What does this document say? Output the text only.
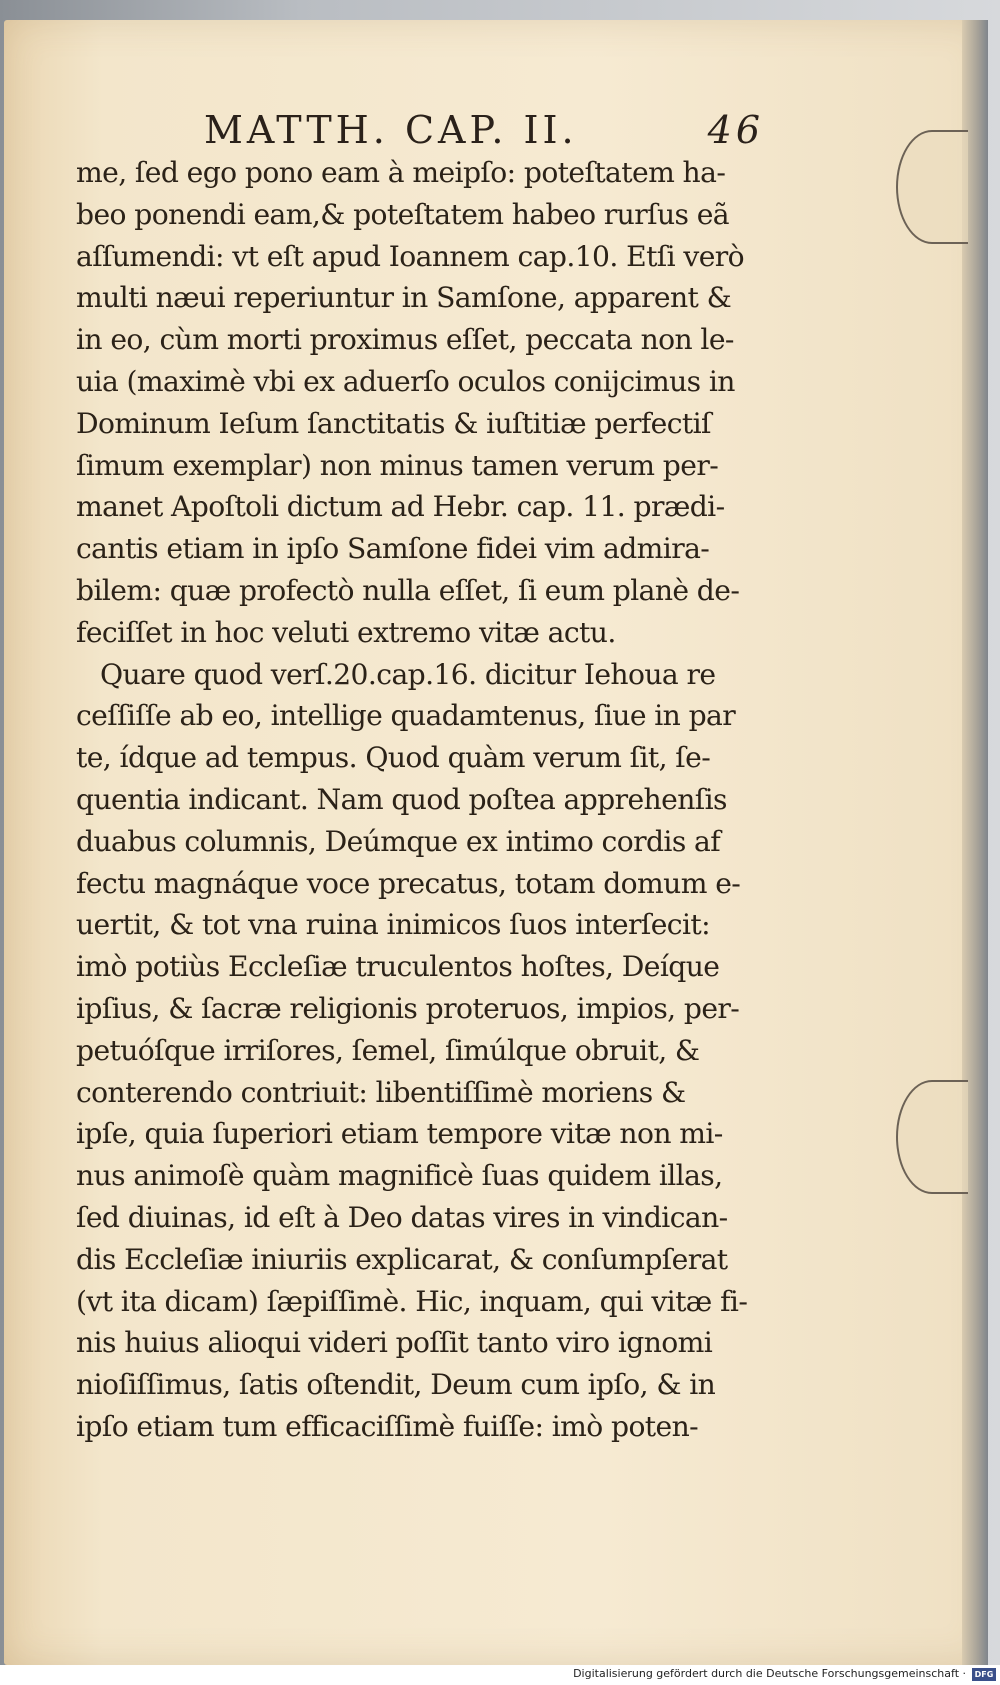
MATTH. CAP. II.	46
me, ſed ego pono eam à meipſo: poteſtatem ha-
beo ponendi eam,& poteſtatem habeo rurſus eã
aſſumendi: vt eſt apud Ioannem cap.10. Etſi verò
multi næui reperiuntur in Samſone, apparent &
in eo, cùm morti proximus eſſet, peccata non le-
uia (maximè vbi ex aduerſo oculos conijcimus in
Dominum Ieſum ſanctitatis & iuſtitiæ perfectiſ
ſimum exemplar) non minus tamen verum per-
manet Apoſtoli dictum ad Hebr. cap. 11. prædi-
cantis etiam in ipſo Samſone fidei vim admira-
bilem: quæ profectò nulla eſſet, ſi eum planè de-
feciſſet in hoc veluti extremo vitæ actu.
Quare quod verſ.20.cap.16. dicitur Iehoua re
ceſſiſſe ab eo, intellige quadamtenus, ſiue in par
te, ídque ad tempus. Quod quàm verum ſit, ſe-
quentia indicant. Nam quod poſtea apprehenſis
duabus columnis, Deúmque ex intimo cordis af
fectu magnáque voce precatus, totam domum e-
uertit, & tot vna ruina inimicos ſuos interſecit:
imò potiùs Eccleſiæ truculentos hoſtes, Deíque
ipſius, & ſacræ religionis proteruos, impios, per-
petuóſque irriſores, ſemel, ſimúlque obruit, &
conterendo contriuit: libentiſſimè moriens &
ipſe, quia ſuperiori etiam tempore vitæ non mi-
nus animoſè quàm magnificè ſuas quidem illas,
ſed diuinas, id eſt à Deo datas vires in vindican-
dis Eccleſiæ iniuriis explicarat, & conſumpſerat
(vt ita dicam) ſæpiſſimè. Hic, inquam, qui vitæ fi-
nis huius alioqui videri poſſit tanto viro ignomi
nioſiſſimus, ſatis oſtendit, Deum cum ipſo, & in
ipſo etiam tum efficaciſſimè fuiſſe: imò poten-
Digitalisierung gefördert durch die Deutsche Forschungsgemeinschaft ·	DFG
